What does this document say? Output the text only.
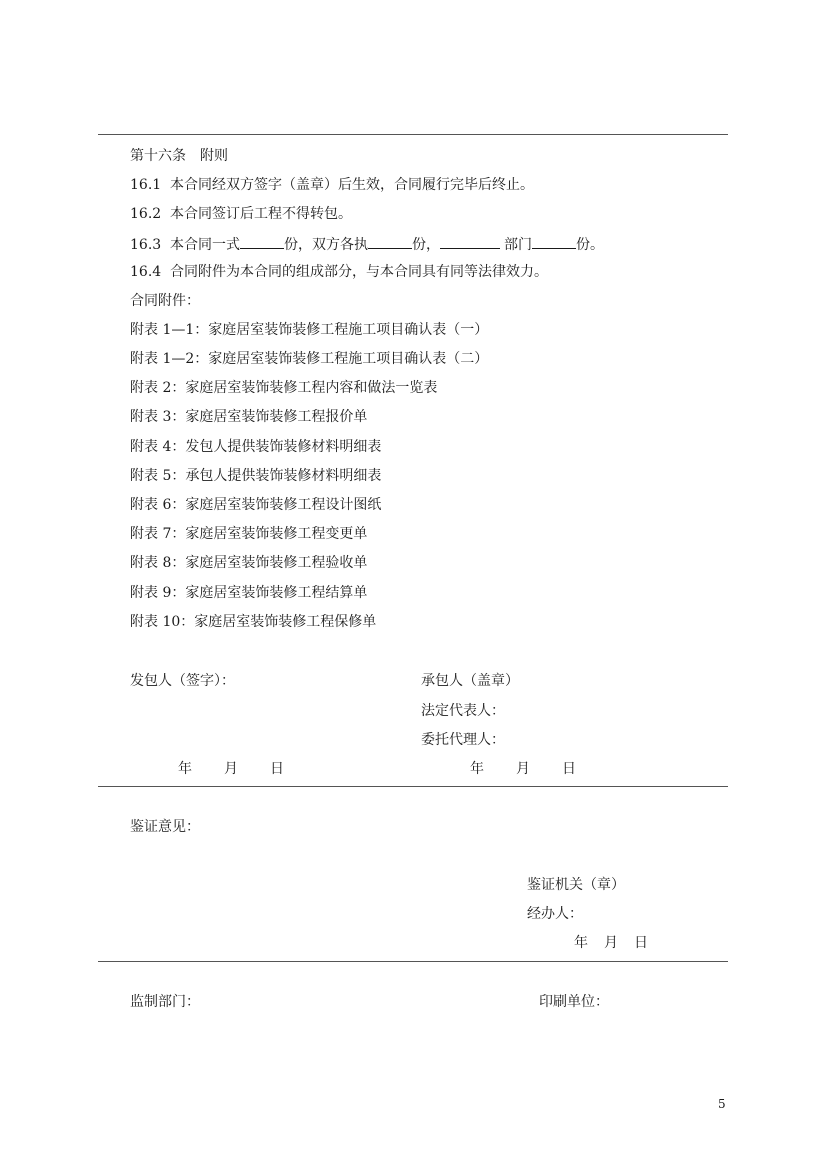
第十六条　附则
16.1 本合同经双方签字（盖章）后生效，合同履行完毕后终止。
16.2 本合同签订后工程不得转包。
16.3 本合同一式	份，双方各执	份，	部门	份。
16.4 合同附件为本合同的组成部分，与本合同具有同等法律效力。
合同附件：
附表 1—1：家庭居室装饰装修工程施工项目确认表（一）
附表 1—2：家庭居室装饰装修工程施工项目确认表（二）
附表 2：家庭居室装饰装修工程内容和做法一览表
附表 3：家庭居室装饰装修工程报价单
附表 4：发包人提供装饰装修材料明细表
附表 5：承包人提供装饰装修材料明细表
附表 6：家庭居室装饰装修工程设计图纸
附表 7：家庭居室装饰装修工程变更单
附表 8：家庭居室装饰装修工程验收单
附表 9：家庭居室装饰装修工程结算单
附表 10：家庭居室装饰装修工程保修单
发包人（签字）：	承包人（盖章）
法定代表人：
委托代理人：
年 月 日	年 月 日
鉴证意见：
鉴证机关（章）
经办人：
年 月 日
监制部门：	印刷单位：
5
